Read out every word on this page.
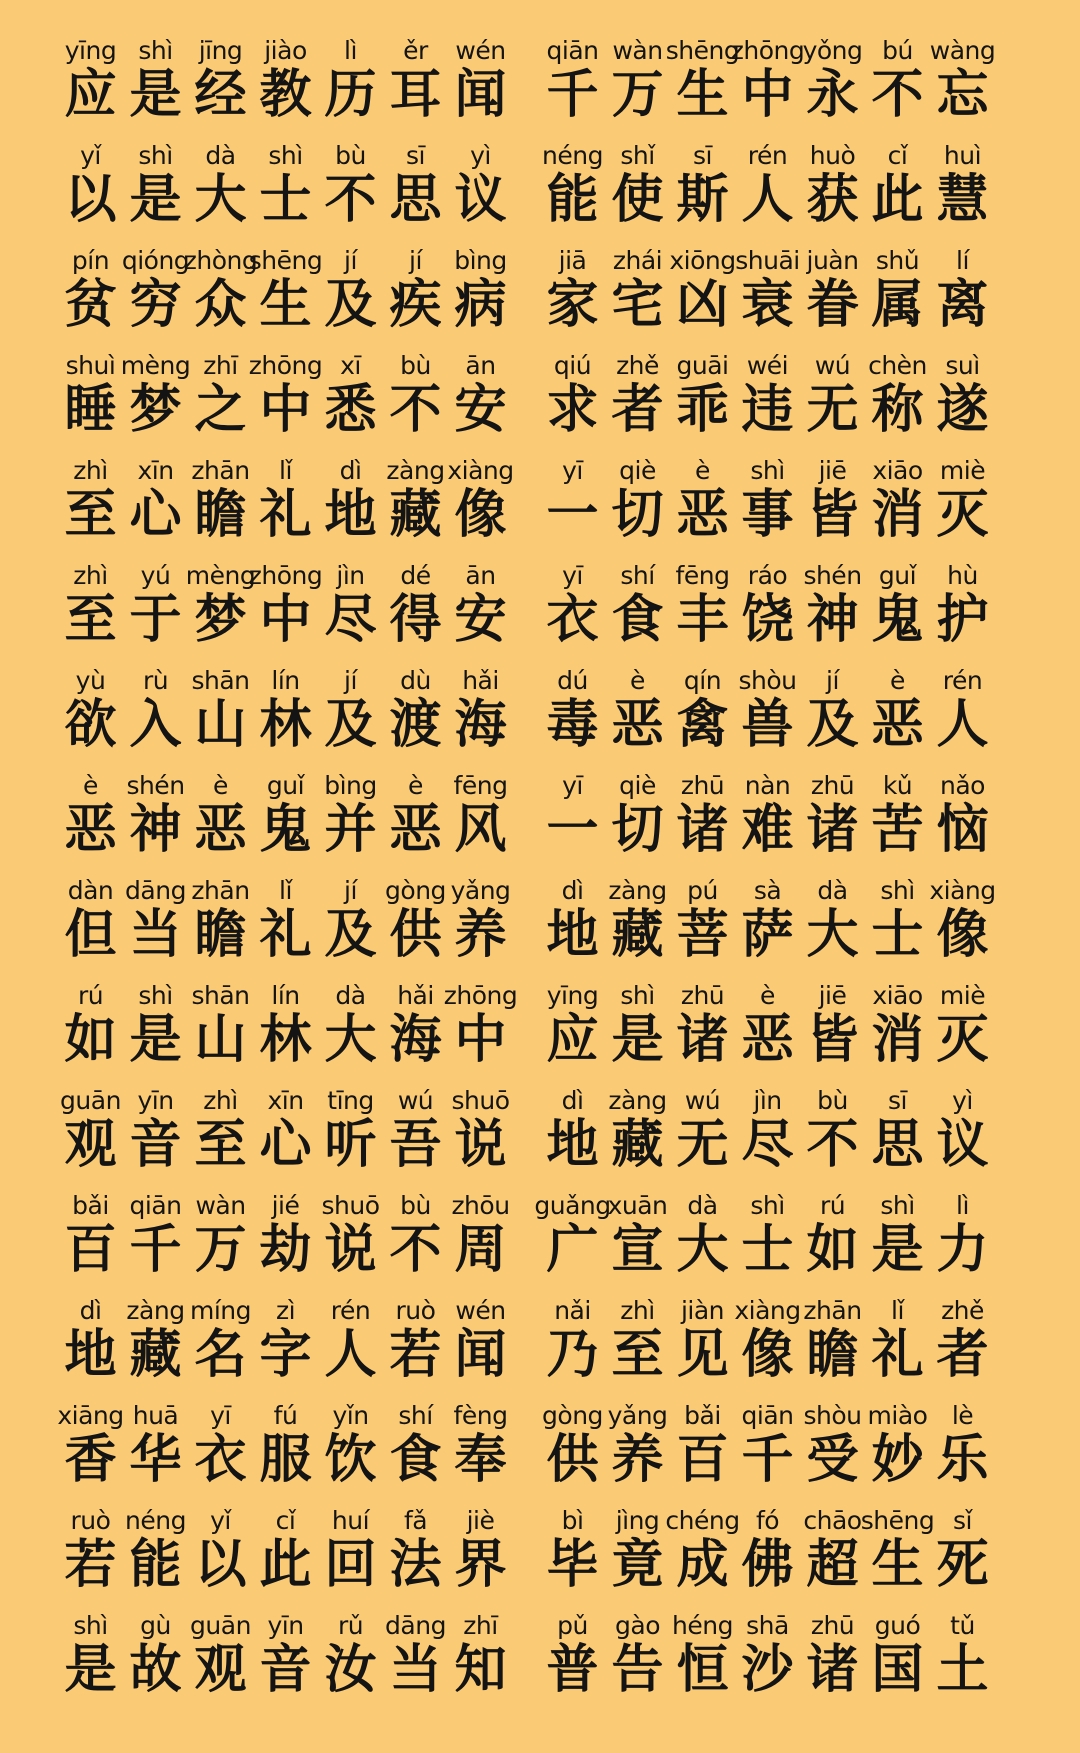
yīng
应
shì
是
jīng
经
jiào
教
lì
历
ěr
耳
wén
闻
qiān
千
wàn
万
shēng
生
zhōng
中
yǒng
永
bú
不
wàng
忘
yǐ
以
shì
是
dà
大
shì
士
bù
不
sī
思
yì
议
néng
能
shǐ
使
sī
斯
rén
人
huò
获
cǐ
此
huì
慧
pín
贫
qióng
穷
zhòng
众
shēng
生
jí
及
jí
疾
bìng
病
jiā
家
zhái
宅
xiōng
凶
shuāi
衰
juàn
眷
shǔ
属
lí
离
shuì
睡
mèng
梦
zhī
之
zhōng
中
xī
悉
bù
不
ān
安
qiú
求
zhě
者
guāi
乖
wéi
违
wú
无
chèn
称
suì
遂
zhì
至
xīn
心
zhān
瞻
lǐ
礼
dì
地
zàng
藏
xiàng
像
yī
一
qiè
切
è
恶
shì
事
jiē
皆
xiāo
消
miè
灭
zhì
至
yú
于
mèng
梦
zhōng
中
jìn
尽
dé
得
ān
安
yī
衣
shí
食
fēng
丰
ráo
饶
shén
神
guǐ
鬼
hù
护
yù
欲
rù
入
shān
山
lín
林
jí
及
dù
渡
hǎi
海
dú
毒
è
恶
qín
禽
shòu
兽
jí
及
è
恶
rén
人
è
恶
shén
神
è
恶
guǐ
鬼
bìng
并
è
恶
fēng
风
yī
一
qiè
切
zhū
诸
nàn
难
zhū
诸
kǔ
苦
nǎo
恼
dàn
但
dāng
当
zhān
瞻
lǐ
礼
jí
及
gòng
供
yǎng
养
dì
地
zàng
藏
pú
菩
sà
萨
dà
大
shì
士
xiàng
像
rú
如
shì
是
shān
山
lín
林
dà
大
hǎi
海
zhōng
中
yīng
应
shì
是
zhū
诸
è
恶
jiē
皆
xiāo
消
miè
灭
guān
观
yīn
音
zhì
至
xīn
心
tīng
听
wú
吾
shuō
说
dì
地
zàng
藏
wú
无
jìn
尽
bù
不
sī
思
yì
议
bǎi
百
qiān
千
wàn
万
jié
劫
shuō
说
bù
不
zhōu
周
guǎng
广
xuān
宣
dà
大
shì
士
rú
如
shì
是
lì
力
dì
地
zàng
藏
míng
名
zì
字
rén
人
ruò
若
wén
闻
nǎi
乃
zhì
至
jiàn
见
xiàng
像
zhān
瞻
lǐ
礼
zhě
者
xiāng
香
huā
华
yī
衣
fú
服
yǐn
饮
shí
食
fèng
奉
gòng
供
yǎng
养
bǎi
百
qiān
千
shòu
受
miào
妙
lè
乐
ruò
若
néng
能
yǐ
以
cǐ
此
huí
回
fǎ
法
jiè
界
bì
毕
jìng
竟
chéng
成
fó
佛
chāo
超
shēng
生
sǐ
死
shì
是
gù
故
guān
观
yīn
音
rǔ
汝
dāng
当
zhī
知
pǔ
普
gào
告
héng
恒
shā
沙
zhū
诸
guó
国
tǔ
土
